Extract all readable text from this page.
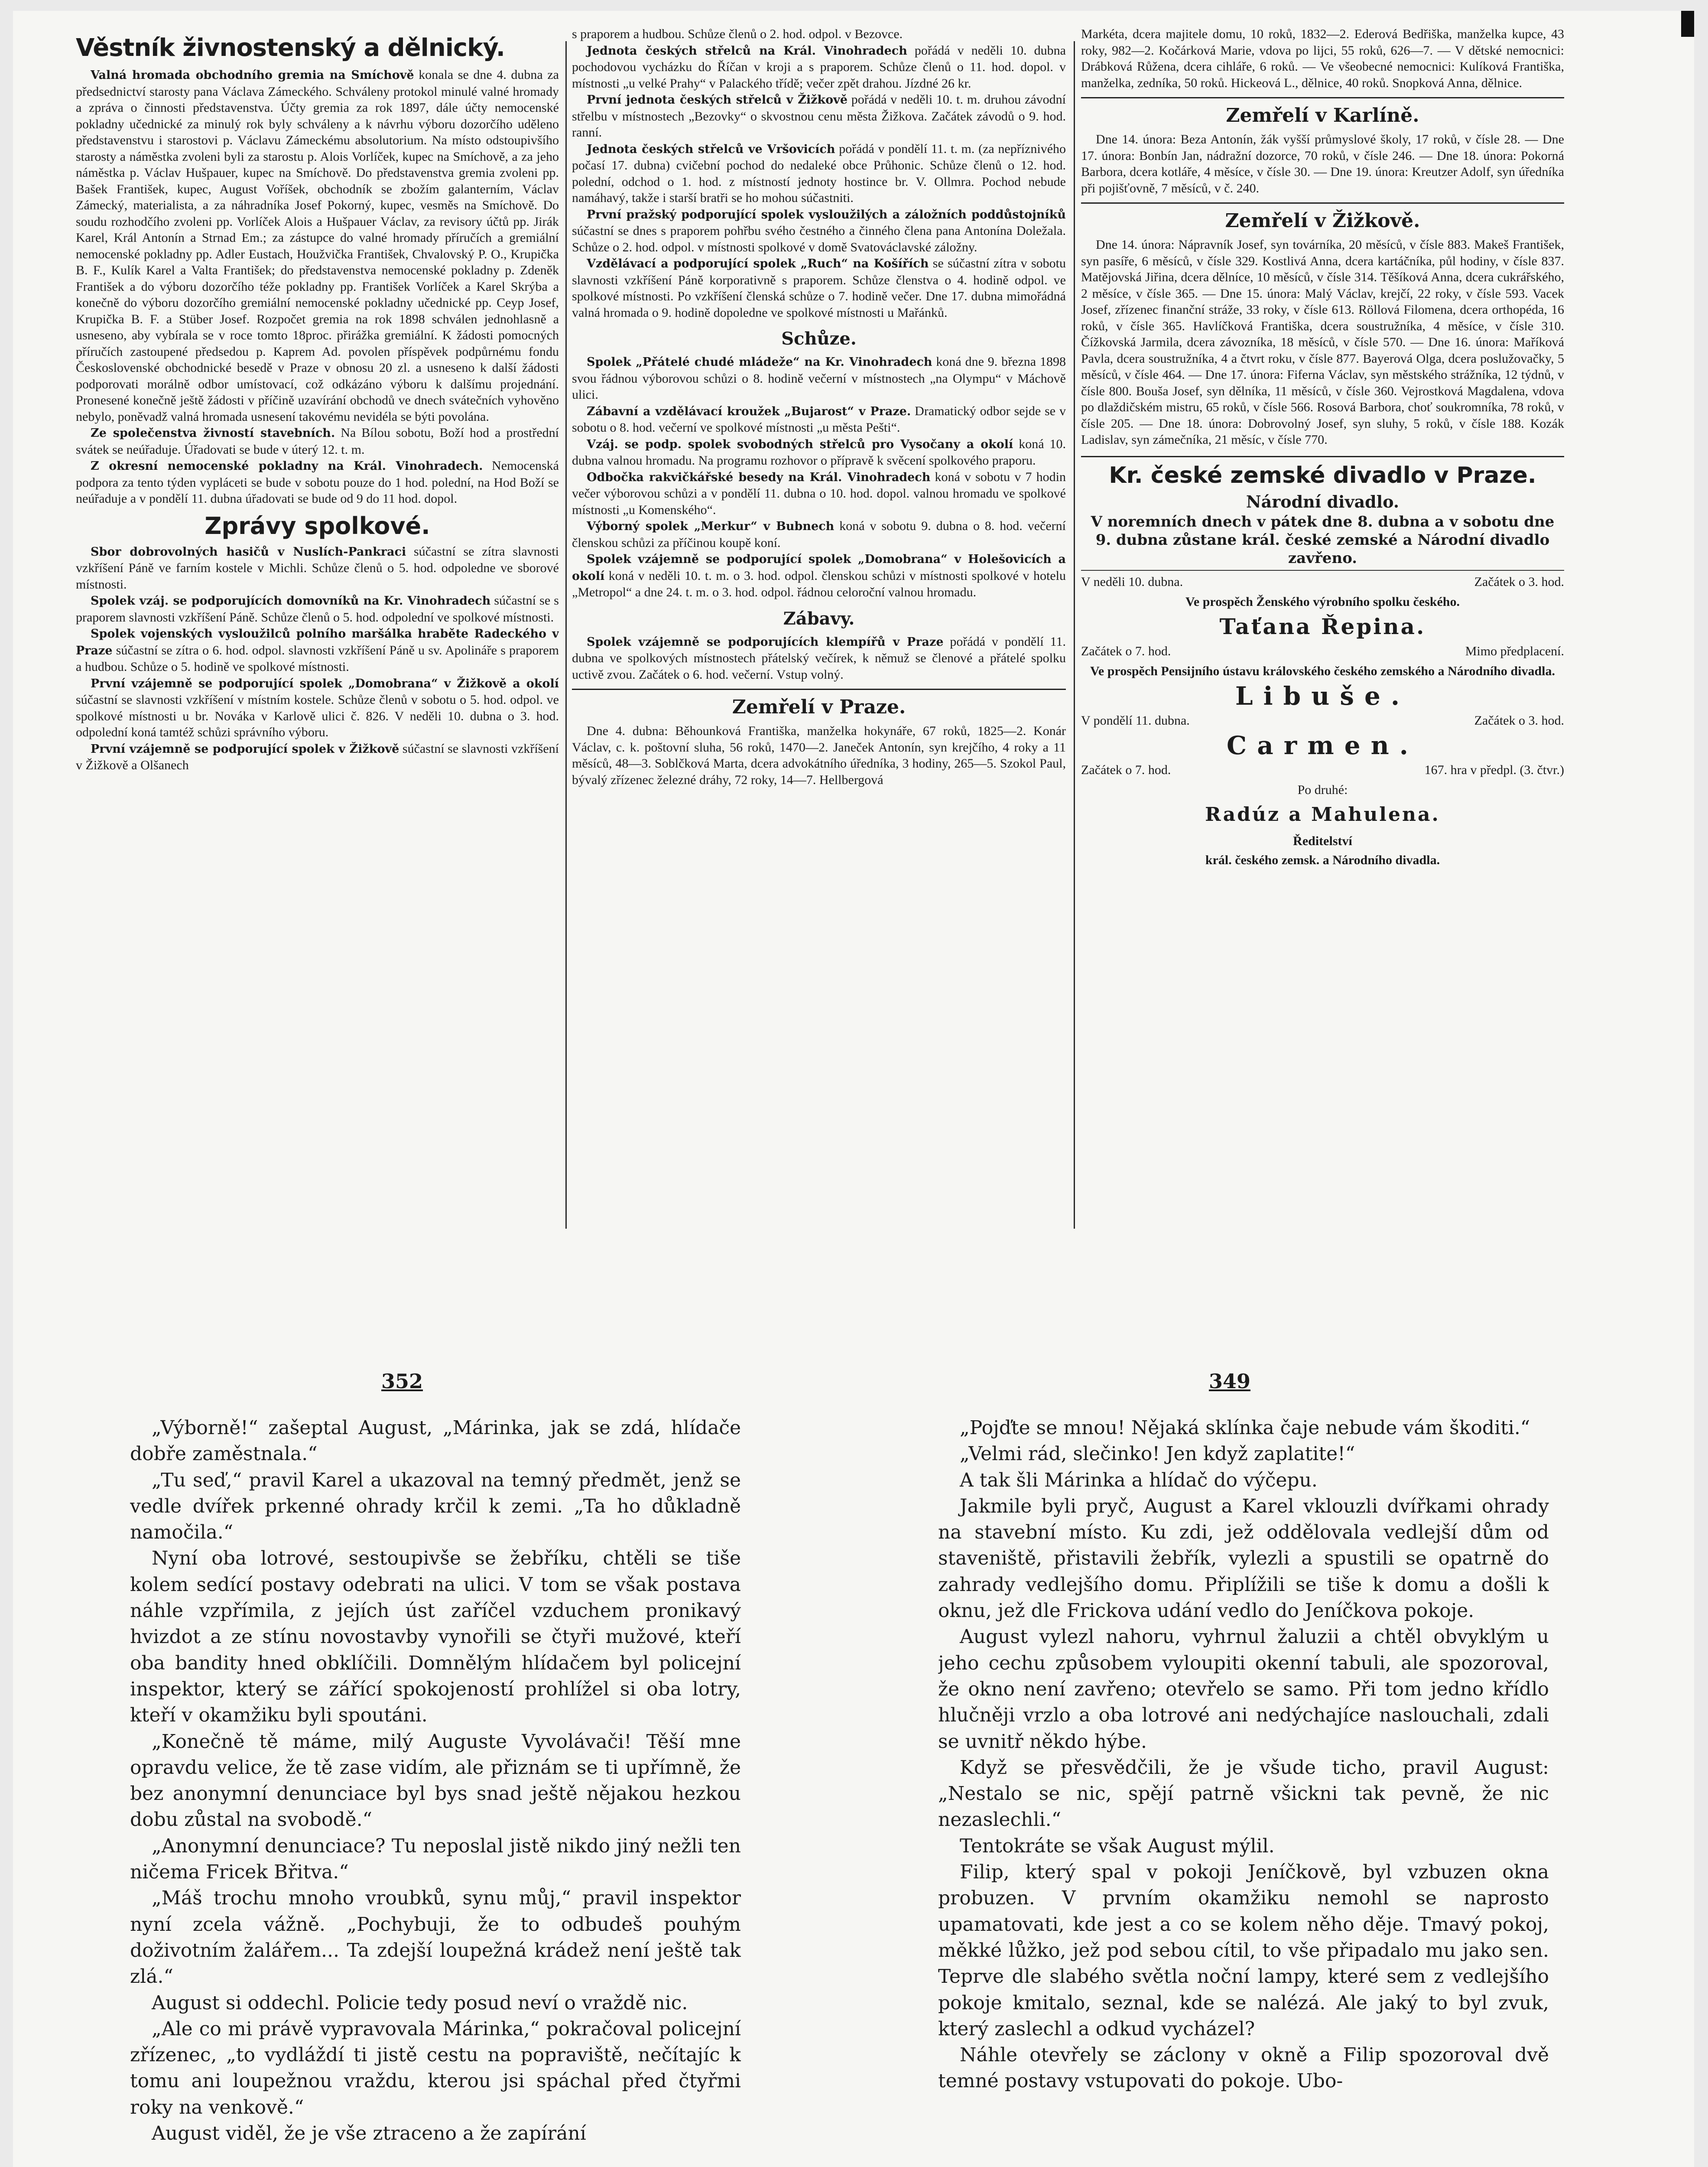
Věstník živnostenský a dělnický.

Valná hromada obchodního gremia na Smíchově konala se dne 4. dubna za předsednictví starosty pana Václava Zámeckého. Schváleny protokol minulé valné hromady a zpráva o činnosti představenstva. Účty gremia za rok 1897, dále účty nemocenské pokladny učednické za minulý rok byly schváleny a k návrhu výboru dozorčího uděleno představenstvu i starostovi p. Václavu Zámeckému absolutorium. Na místo odstoupivšího starosty a náměstka zvoleni byli za starostu p. Alois Vorlíček, kupec na Smíchově, a za jeho náměstka p. Václav Hušpauer, kupec na Smíchově. Do představenstva gremia zvoleni pp. Bašek František, kupec, August Voříšek, obchodník se zbožím galanterním, Václav Zámecký, materialista, a za náhradníka Josef Pokorný, kupec, vesměs na Smíchově. Do soudu rozhodčího zvoleni pp. Vorlíček Alois a Hušpauer Václav, za revisory účtů pp. Jirák Karel, Král Antonín a Strnad Em.; za zástupce do valné hromady příručích a gremiální nemocenské pokladny pp. Adler Eustach, Houžvička František, Chvalovský P. O., Krupička B. F., Kulík Karel a Valta František; do představenstva nemocenské pokladny p. Zdeněk František a do výboru dozorčího téže pokladny pp. František Vorlíček a Karel Skrýba a konečně do výboru dozorčího gremiální nemocenské pokladny učednické pp. Ceyp Josef, Krupička B. F. a Stüber Josef. Rozpočet gremia na rok 1898 schválen jednohlasně a usneseno, aby vybírala se v roce tomto 18proc. přirážka gremiální. K žádosti pomocných příručích zastoupené předsedou p. Kaprem Ad. povolen příspěvek podpůrnému fondu Československé obchodnické besedě v Praze v obnosu 20 zl. a usneseno k další žádosti podporovati morálně odbor umístovací, což odkázáno výboru k dalšímu projednání. Pronesené konečně ještě žádosti v příčině uzavírání obchodů ve dnech svátečních vyhověno nebylo, poněvadž valná hromada usnesení takovému nevidéla se býti povolána.

Ze společenstva živností stavebních. Na Bílou sobotu, Boží hod a prostřední svátek se neúřaduje. Úřadovati se bude v úterý 12. t. m.

Z okresní nemocenské pokladny na Král. Vinohradech. Nemocenská podpora za tento týden vypláceti se bude v sobotu pouze do 1 hod. polední, na Hod Boží se neúřaduje a v pondělí 11. dubna úřadovati se bude od 9 do 11 hod. dopol.

Zprávy spolkové.

Sbor dobrovolných hasičů v Nuslích-Pankraci súčastní se zítra slavnosti vzkříšení Páně ve farním kostele v Michli. Schůze členů o 5. hod. odpoledne ve sborové místnosti.

Spolek vzáj. se podporujících domovníků na Kr. Vinohradech súčastní se s praporem slavnosti vzkříšení Páně. Schůze členů o 5. hod. odpolední ve spolkové místnosti.

Spolek vojenských vysloužilců polního maršálka hraběte Radeckého v Praze súčastní se zítra o 6. hod. odpol. slavnosti vzkříšení Páně u sv. Apolináře s praporem a hudbou. Schůze o 5. hodině ve spolkové místnosti.

První vzájemně se podporující spolek „Domobrana“ v Žižkově a okolí súčastní se slavnosti vzkříšení v místním kostele. Schůze členů v sobotu o 5. hod. odpol. ve spolkové místnosti u br. Nováka v Karlově ulici č. 826. V neděli 10. dubna o 3. hod. odpolední koná tamtéž schůzi správního výboru.

První vzájemně se podporující spolek v Žižkově súčastní se slavnosti vzkříšení v Žižkově a Olšanech

s praporem a hudbou. Schůze členů o 2. hod. odpol. v Bezovce.

Jednota českých střelců na Král. Vinohradech pořádá v neděli 10. dubna pochodovou vycházku do Říčan v kroji a s praporem. Schůze členů o 11. hod. dopol. v místnosti „u velké Prahy“ v Palackého třídě; večer zpět drahou. Jízdné 26 kr.

První jednota českých střelců v Žižkově pořádá v neděli 10. t. m. druhou závodní střelbu v místnostech „Bezovky“ o skvostnou cenu města Žižkova. Začátek závodů o 9. hod. ranní.

Jednota českých střelců ve Vršovicích pořádá v pondělí 11. t. m. (za nepříznivého počasí 17. dubna) cvičební pochod do nedaleké obce Průhonic. Schůze členů o 12. hod. polední, odchod o 1. hod. z místností jednoty hostince br. V. Ollmra. Pochod nebude namáhavý, takže i starší bratři se ho mohou súčastniti.

První pražský podporující spolek vysloužilých a záložních poddůstojníků súčastní se dnes s praporem pohřbu svého čestného a činného člena pana Antonína Doležala. Schůze o 2. hod. odpol. v místnosti spolkové v domě Svatováclavské záložny.

Vzdělávací a podporující spolek „Ruch“ na Košířích se súčastní zítra v sobotu slavnosti vzkříšení Páně korporativně s praporem. Schůze členstva o 4. hodině odpol. ve spolkové místnosti. Po vzkříšení členská schůze o 7. hodině večer. Dne 17. dubna mimořádná valná hromada o 9. hodině dopoledne ve spolkové místnosti u Mařánků.

Schůze.

Spolek „Přátelé chudé mládeže“ na Kr. Vinohradech koná dne 9. března 1898 svou řádnou výborovou schůzi o 8. hodině večerní v místnostech „na Olympu“ v Máchově ulici.

Zábavní a vzdělávací kroužek „Bujarost“ v Praze. Dramatický odbor sejde se v sobotu o 8. hod. večerní ve spolkové místnosti „u města Pešti“.

Vzáj. se podp. spolek svobodných střelců pro Vysočany a okolí koná 10. dubna valnou hromadu. Na programu rozhovor o přípravě k svěcení spolkového praporu.

Odbočka rakvičkářské besedy na Král. Vinohradech koná v sobotu v 7 hodin večer výborovou schůzi a v pondělí 11. dubna o 10. hod. dopol. valnou hromadu ve spolkové místnosti „u Komenského“.

Výborný spolek „Merkur“ v Bubnech koná v sobotu 9. dubna o 8. hod. večerní členskou schůzi za příčinou koupě koní.

Spolek vzájemně se podporující spolek „Domobrana“ v Holešovicích a okolí koná v neděli 10. t. m. o 3. hod. odpol. členskou schůzi v místnosti spolkové v hotelu „Metropol“ a dne 24. t. m. o 3. hod. odpol. řádnou celoroční valnou hromadu.

Zábavy.

Spolek vzájemně se podporujících klempířů v Praze pořádá v pondělí 11. dubna ve spolkových místnostech přátelský večírek, k němuž se členové a přátelé spolku uctivě zvou. Začátek o 6. hod. večerní. Vstup volný.

Zemřelí v Praze.

Dne 4. dubna: Běhounková Františka, manželka hokynáře, 67 roků, 1825—2. Konár Václav, c. k. poštovní sluha, 56 roků, 1470—2. Janeček Antonín, syn krejčího, 4 roky a 11 měsíců, 48—3. Soblčková Marta, dcera advokátního úředníka, 3 hodiny, 265—5. Szokol Paul, bývalý zřízenec železné dráhy, 72 roky, 14—7. Hellbergová

Markéta, dcera majitele domu, 10 roků, 1832—2. Ederová Bedřiška, manželka kupce, 43 roky, 982—2. Kočárková Marie, vdova po lijci, 55 roků, 626—7. — V dětské nemocnici: Drábková Růžena, dcera cihláře, 6 roků. — Ve všeobecné nemocnici: Kulíková Františka, manželka, zedníka, 50 roků. Hickeová L., dělnice, 40 roků. Snopková Anna, dělnice.

Zemřelí v Karlíně.

Dne 14. února: Beza Antonín, žák vyšší průmyslové školy, 17 roků, v čísle 28. — Dne 17. února: Bonbín Jan, nádražní dozorce, 70 roků, v čísle 246. — Dne 18. února: Pokorná Barbora, dcera kotláře, 4 měsíce, v čísle 30. — Dne 19. února: Kreutzer Adolf, syn úředníka při pojišťovně, 7 měsíců, v č. 240.

Zemřelí v Žižkově.

Dne 14. února: Nápravník Josef, syn továrníka, 20 měsíců, v čísle 883. Makeš František, syn pasíře, 6 měsíců, v čísle 329. Kostlivá Anna, dcera kartáčníka, půl hodiny, v čísle 837. Matějovská Jiřina, dcera dělníce, 10 měsíců, v čísle 314. Těšíková Anna, dcera cukrářského, 2 měsíce, v čísle 365. — Dne 15. února: Malý Václav, krejčí, 22 roky, v čísle 593. Vacek Josef, zřízenec finanční stráže, 33 roky, v čísle 613. Röllová Filomena, dcera orthopéda, 16 roků, v čísle 365. Havlíčková Františka, dcera soustružníka, 4 měsíce, v čísle 310. Čížkovská Jarmila, dcera závozníka, 18 měsíců, v čísle 570. — Dne 16. února: Maříková Pavla, dcera soustružníka, 4 a čtvrt roku, v čísle 877. Bayerová Olga, dcera poslužovačky, 5 měsíců, v čísle 464. — Dne 17. února: Fiferna Václav, syn městského strážníka, 12 týdnů, v čísle 800. Bouša Josef, syn dělníka, 11 měsíců, v čísle 360. Vejrostková Magdalena, vdova po dlaždičském mistru, 65 roků, v čísle 566. Rosová Barbora, choť soukromníka, 78 roků, v čísle 205. — Dne 18. února: Dobrovolný Josef, syn sluhy, 5 roků, v čísle 188. Kozák Ladislav, syn zámečníka, 21 měsíc, v čísle 770.

Kr. české zemské divadlo v Praze.
Národní divadlo.
V noremních dnech v pátek dne 8. dubna a v sobotu dne 9. dubna zůstane král. české zemské a Národní divadlo zavřeno.
V neděli 10. dubna.	Začátek o 3. hod.
Ve prospěch Ženského výrobního spolku českého.
Taťana Řepina.
Začátek o 7. hod.	Mimo předplacení.
Ve prospěch Pensijního ústavu královského českého zemského a Národního divadla.
Libuše.
V pondělí 11. dubna.	Začátek o 3. hod.
Carmen.
Začátek o 7. hod.	167. hra v předpl. (3. čtvr.)
Po druhé:
Radúz a Mahulena.
Ředitelství
král. českého zemsk. a Národního divadla.
352	349

„Výborně!“ zašeptal August, „Márinka, jak se zdá, hlídače dobře zaměstnala.“

„Tu seď,“ pravil Karel a ukazoval na temný předmět, jenž se vedle dvířek prkenné ohrady krčil k zemi. „Ta ho důkladně namočila.“

Nyní oba lotrové, sestoupivše se žebříku, chtěli se tiše kolem sedící postavy odebrati na ulici. V tom se však postava náhle vzpřímila, z jejích úst zaříčel vzduchem pronikavý hvizdot a ze stínu novostavby vynořili se čtyři mužové, kteří oba bandity hned obklíčili. Domnělým hlídačem byl policejní inspektor, který se zářící spokojeností prohlížel si oba lotry, kteří v okamžiku byli spoutáni.

„Konečně tě máme, milý Auguste Vyvolávači! Těší mne opravdu velice, že tě zase vidím, ale přiznám se ti upřímně, že bez anonymní denunciace byl bys snad ještě nějakou hezkou dobu zůstal na svobodě.“

„Anonymní denunciace? Tu neposlal jistě nikdo jiný nežli ten ničema Fricek Břitva.“

„Máš trochu mnoho vroubků, synu můj,“ pravil inspektor nyní zcela vážně. „Pochybuji, že to odbudeš pouhým doživotním žalářem... Ta zdejší loupežná krádež není ještě tak zlá.“

August si oddechl. Policie tedy posud neví o vraždě nic.

„Ale co mi právě vypravovala Márinka,“ pokračoval policejní zřízenec, „to vydláždí ti jistě cestu na popraviště, nečítajíc k tomu ani loupežnou vraždu, kterou jsi spáchal před čtyřmi roky na venkově.“

August viděl, že je vše ztraceno a že zapírání

„Pojďte se mnou! Nějaká sklínka čaje nebude vám škoditi.“

„Velmi rád, slečinko! Jen když zaplatite!“

A tak šli Márinka a hlídač do výčepu.

Jakmile byli pryč, August a Karel vklouzli dvířkami ohrady na stavební místo. Ku zdi, jež oddělovala vedlejší dům od staveniště, přistavili žebřík, vylezli a spustili se opatrně do zahrady vedlejšího domu. Připlížili se tiše k domu a došli k oknu, jež dle Frickova udání vedlo do Jeníčkova pokoje.

August vylezl nahoru, vyhrnul žaluzii a chtěl obvyklým u jeho cechu způsobem vyloupiti okenní tabuli, ale spozoroval, že okno není zavřeno; otevřelo se samo. Při tom jedno křídlo hlučněji vrzlo a oba lotrové ani nedýchajíce naslouchali, zdali se uvnitř někdo hýbe.

Když se přesvědčili, že je všude ticho, pravil August: „Nestalo se nic, spějí patrně všickni tak pevně, že nic nezaslechli.“

Tentokráte se však August mýlil.

Filip, který spal v pokoji Jeníčkově, byl vzbuzen okna probuzen. V prvním okamžiku nemohl se naprosto upamatovati, kde jest a co se kolem něho děje. Tmavý pokoj, měkké lůžko, jež pod sebou cítil, to vše připadalo mu jako sen. Teprve dle slabého světla noční lampy, které sem z vedlejšího pokoje kmitalo, seznal, kde se nalézá. Ale jaký to byl zvuk, který zaslechl a odkud vycházel?

Náhle otevřely se záclony v okně a Filip spozoroval dvě temné postavy vstupovati do pokoje. Ubo-
